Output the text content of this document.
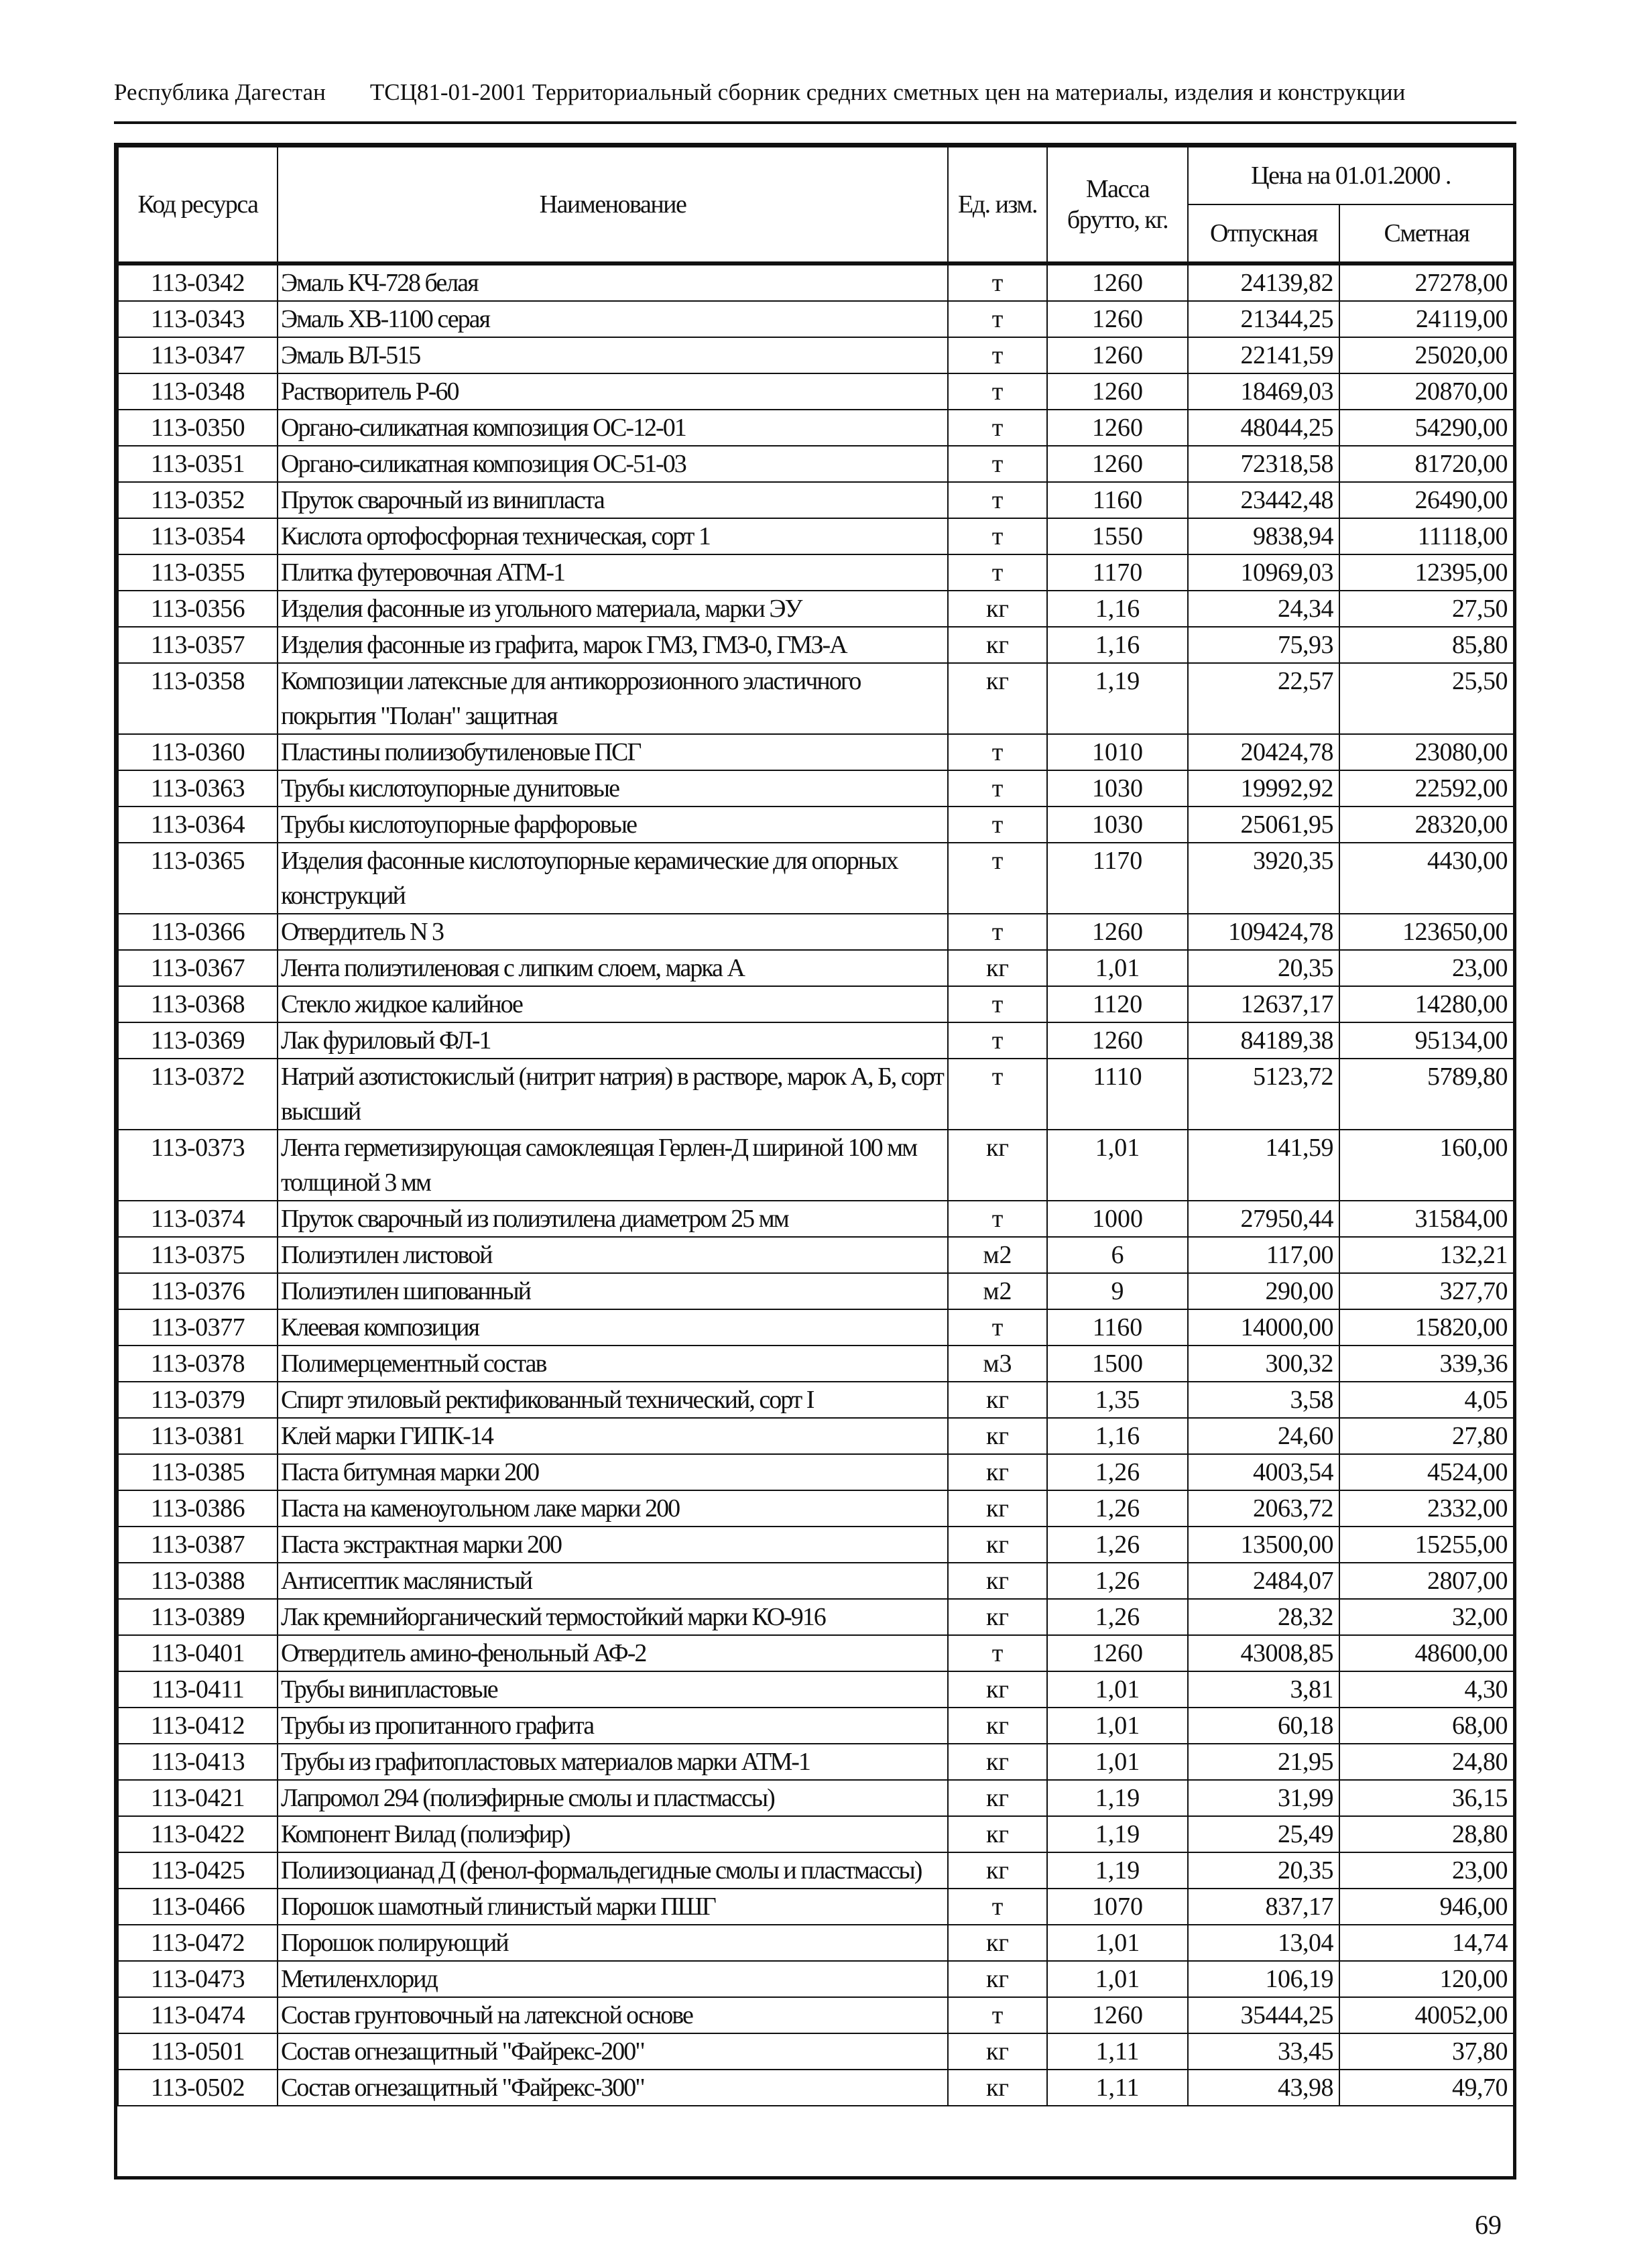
Республика Дагестан ТСЦ81-01-2001 Территориальный сборник средних сметных цен на материалы, изделия и конструкции
Код ресурса	Наименование	Ед. изм.	Масса брутто, кг.	Цена на 01.01.2000 .	
				Отпускная	Сметная

113-0342	Эмаль КЧ-728 белая	т	1260	24139,82	27278,00
113-0343	Эмаль ХВ-1100 серая	т	1260	21344,25	24119,00
113-0347	Эмаль ВЛ-515	т	1260	22141,59	25020,00
113-0348	Растворитель Р-60	т	1260	18469,03	20870,00
113-0350	Органо-силикатная композиция ОС-12-01	т	1260	48044,25	54290,00
113-0351	Органо-силикатная композиция ОС-51-03	т	1260	72318,58	81720,00
113-0352	Пруток сварочный из винипласта	т	1160	23442,48	26490,00
113-0354	Кислота ортофосфорная техническая, сорт 1	т	1550	9838,94	11118,00
113-0355	Плитка футеровочная АТМ-1	т	1170	10969,03	12395,00
113-0356	Изделия фасонные из угольного материала, марки ЭУ	кг	1,16	24,34	27,50
113-0357	Изделия фасонные из графита, марок ГМЗ, ГМЗ-0, ГМЗ-А	кг	1,16	75,93	85,80
113-0358	Композиции латексные для антикоррозионного эластичного покрытия "Полан" защитная	кг	1,19	22,57	25,50
113-0360	Пластины полиизобутиленовые ПСГ	т	1010	20424,78	23080,00
113-0363	Трубы кислотоупорные дунитовые	т	1030	19992,92	22592,00
113-0364	Трубы кислотоупорные фарфоровые	т	1030	25061,95	28320,00
113-0365	Изделия фасонные кислотоупорные керамические для опорных конструкций	т	1170	3920,35	4430,00
113-0366	Отвердитель N 3	т	1260	109424,78	123650,00
113-0367	Лента полиэтиленовая с липким слоем, марка А	кг	1,01	20,35	23,00
113-0368	Стекло жидкое калийное	т	1120	12637,17	14280,00
113-0369	Лак фуриловый ФЛ-1	т	1260	84189,38	95134,00
113-0372	Натрий азотистокислый (нитрит натрия) в растворе, марок А, Б, сорт высший	т	1110	5123,72	5789,80
113-0373	Лента герметизирующая самоклеящая Герлен-Д шириной 100 мм толщиной 3 мм	кг	1,01	141,59	160,00
113-0374	Пруток сварочный из полиэтилена диаметром 25 мм	т	1000	27950,44	31584,00
113-0375	Полиэтилен листовой	м2	6	117,00	132,21
113-0376	Полиэтилен шипованный	м2	9	290,00	327,70
113-0377	Клеевая композиция	т	1160	14000,00	15820,00
113-0378	Полимерцементный состав	м3	1500	300,32	339,36
113-0379	Спирт этиловый ректификованный технический, сорт I	кг	1,35	3,58	4,05
113-0381	Клей марки ГИПК-14	кг	1,16	24,60	27,80
113-0385	Паста битумная марки 200	кг	1,26	4003,54	4524,00
113-0386	Паста на каменоугольном лаке марки 200	кг	1,26	2063,72	2332,00
113-0387	Паста экстрактная марки 200	кг	1,26	13500,00	15255,00
113-0388	Антисептик маслянистый	кг	1,26	2484,07	2807,00
113-0389	Лак кремнийорганический термостойкий марки КО-916	кг	1,26	28,32	32,00
113-0401	Отвердитель амино-фенольный АФ-2	т	1260	43008,85	48600,00
113-0411	Трубы винипластовые	кг	1,01	3,81	4,30
113-0412	Трубы из пропитанного графита	кг	1,01	60,18	68,00
113-0413	Трубы из графитопластовых материалов марки АТМ-1	кг	1,01	21,95	24,80
113-0421	Лапромол 294 (полиэфирные смолы и пластмассы)	кг	1,19	31,99	36,15
113-0422	Компонент Вилад (полиэфир)	кг	1,19	25,49	28,80
113-0425	Полиизоцианад Д (фенол-формальдегидные смолы и пластмассы)	кг	1,19	20,35	23,00
113-0466	Порошок шамотный глинистый марки ПШГ	т	1070	837,17	946,00
113-0472	Порошок полирующий	кг	1,01	13,04	14,74
113-0473	Метиленхлорид	кг	1,01	106,19	120,00
113-0474	Состав грунтовочный на латексной основе	т	1260	35444,25	40052,00
113-0501	Состав огнезащитный "Файрекс-200"	кг	1,11	33,45	37,80
113-0502	Состав огнезащитный "Файрекс-300"	кг	1,11	43,98	49,70
69
